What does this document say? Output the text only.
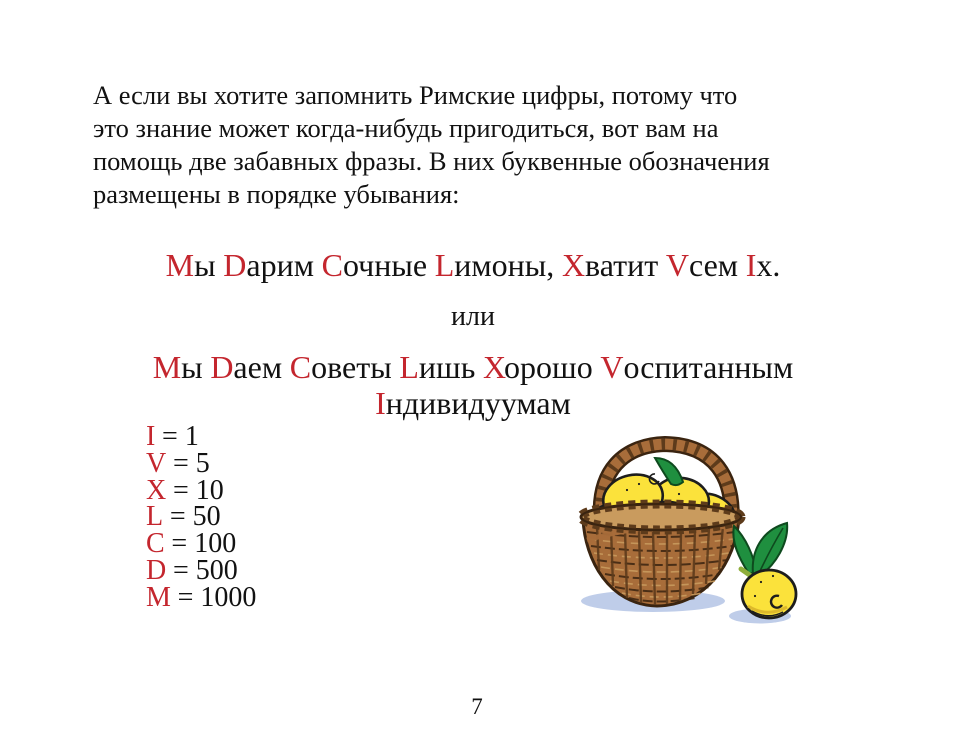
А если вы хотите запомнить Римские цифры, потому что
это знание может когда-нибудь пригодиться, вот вам на
помощь две забавных фразы. В них буквенные обозначения
размещены в порядке убывания:
Мы Dарим Сочные Lимоны, Хватит Vсем Iх.
или
Мы Dаем Советы Lишь Хорошо Vоспитанным
Iндивидуумам
I = 1
V = 5
X = 10
L = 50
C = 100
D = 500
M = 1000
7
